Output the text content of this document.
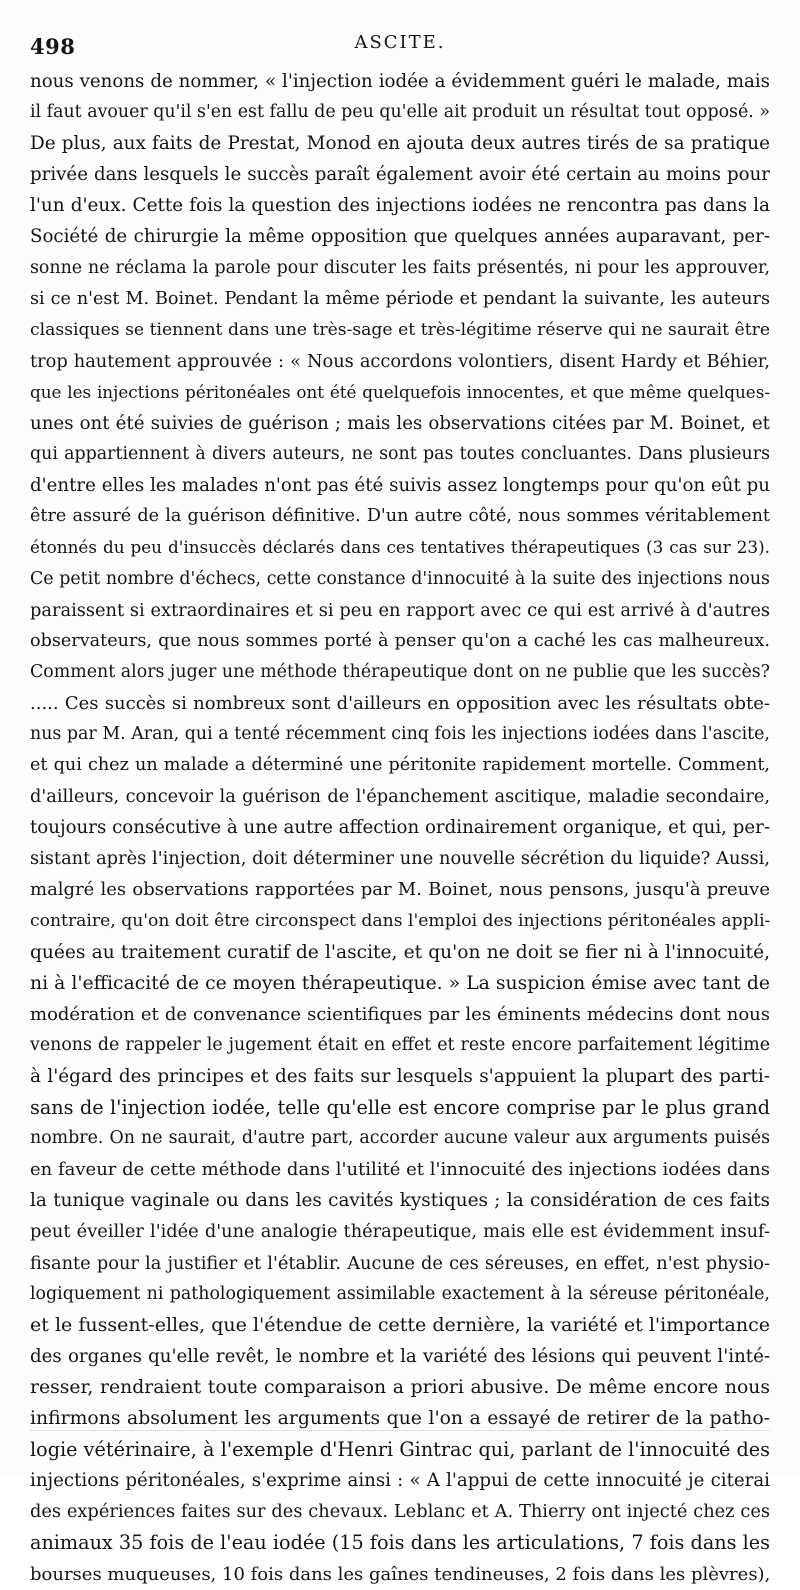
498	ASCITE.
nous venons de nommer, « l'injection iodée a évidemment guéri le malade, mais
il faut avouer qu'il s'en est fallu de peu qu'elle ait produit un résultat tout opposé. »
De plus, aux faits de Prestat, Monod en ajouta deux autres tirés de sa pratique
privée dans lesquels le succès paraît également avoir été certain au moins pour
l'un d'eux. Cette fois la question des injections iodées ne rencontra pas dans la
Société de chirurgie la même opposition que quelques années auparavant, per-
sonne ne réclama la parole pour discuter les faits présentés, ni pour les approuver,
si ce n'est M. Boinet. Pendant la même période et pendant la suivante, les auteurs
classiques se tiennent dans une très-sage et très-légitime réserve qui ne saurait être
trop hautement approuvée : « Nous accordons volontiers, disent Hardy et Béhier,
que les injections péritonéales ont été quelquefois innocentes, et que même quelques-
unes ont été suivies de guérison ; mais les observations citées par M. Boinet, et
qui appartiennent à divers auteurs, ne sont pas toutes concluantes. Dans plusieurs
d'entre elles les malades n'ont pas été suivis assez longtemps pour qu'on eût pu
être assuré de la guérison définitive. D'un autre côté, nous sommes véritablement
étonnés du peu d'insuccès déclarés dans ces tentatives thérapeutiques (3 cas sur 23).
Ce petit nombre d'échecs, cette constance d'innocuité à la suite des injections nous
paraissent si extraordinaires et si peu en rapport avec ce qui est arrivé à d'autres
observateurs, que nous sommes porté à penser qu'on a caché les cas malheureux.
Comment alors juger une méthode thérapeutique dont on ne publie que les succès?
..... Ces succès si nombreux sont d'ailleurs en opposition avec les résultats obte-
nus par M. Aran, qui a tenté récemment cinq fois les injections iodées dans l'ascite,
et qui chez un malade a déterminé une péritonite rapidement mortelle. Comment,
d'ailleurs, concevoir la guérison de l'épanchement ascitique, maladie secondaire,
toujours consécutive à une autre affection ordinairement organique, et qui, per-
sistant après l'injection, doit déterminer une nouvelle sécrétion du liquide? Aussi,
malgré les observations rapportées par M. Boinet, nous pensons, jusqu'à preuve
contraire, qu'on doit être circonspect dans l'emploi des injections péritonéales appli-
quées au traitement curatif de l'ascite, et qu'on ne doit se fier ni à l'innocuité,
ni à l'efficacité de ce moyen thérapeutique. » La suspicion émise avec tant de
modération et de convenance scientifiques par les éminents médecins dont nous
venons de rappeler le jugement était en effet et reste encore parfaitement légitime
à l'égard des principes et des faits sur lesquels s'appuient la plupart des parti-
sans de l'injection iodée, telle qu'elle est encore comprise par le plus grand
nombre. On ne saurait, d'autre part, accorder aucune valeur aux arguments puisés
en faveur de cette méthode dans l'utilité et l'innocuité des injections iodées dans
la tunique vaginale ou dans les cavités kystiques ; la considération de ces faits
peut éveiller l'idée d'une analogie thérapeutique, mais elle est évidemment insuf-
fisante pour la justifier et l'établir. Aucune de ces séreuses, en effet, n'est physio-
logiquement ni pathologiquement assimilable exactement à la séreuse péritonéale,
et le fussent-elles, que l'étendue de cette dernière, la variété et l'importance
des organes qu'elle revêt, le nombre et la variété des lésions qui peuvent l'inté-
resser, rendraient toute comparaison a priori abusive. De même encore nous
infirmons absolument les arguments que l'on a essayé de retirer de la patho-
logie vétérinaire, à l'exemple d'Henri Gintrac qui, parlant de l'innocuité des
injections péritonéales, s'exprime ainsi : « A l'appui de cette innocuité je citerai
des expériences faites sur des chevaux. Leblanc et A. Thierry ont injecté chez ces
animaux 35 fois de l'eau iodée (15 fois dans les articulations, 7 fois dans les
bourses muqueuses, 10 fois dans les gaînes tendineuses, 2 fois dans les plèvres),
